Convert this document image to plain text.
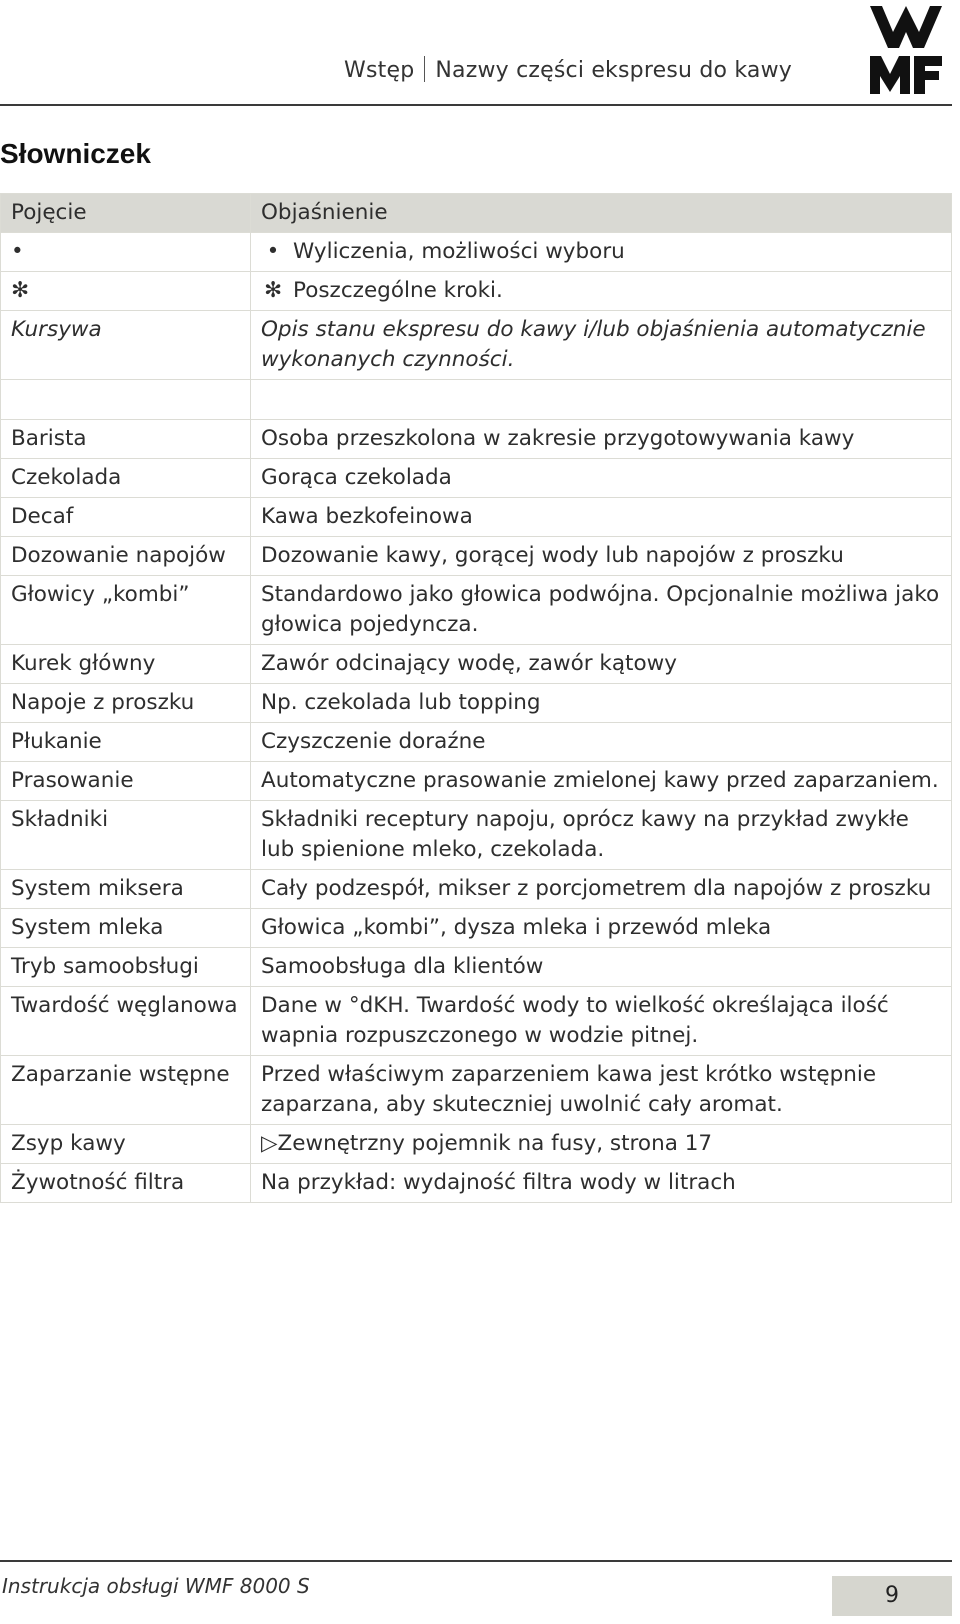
Wstęp Nazwy części ekspresu do kawy
Słowniczek
Pojęcie	Objaśnienie
•	• Wyliczenia, możliwości wyboru
✻	✻ Poszczególne kroki.
Kursywa	Opis stanu ekspresu do kawy i/lub objaśnienia automatycznie wykonanych czynności.

Barista	Osoba przeszkolona w zakresie przygotowywania kawy
Czekolada	Gorąca czekolada
Decaf	Kawa bezkofeinowa
Dozowanie napojów	Dozowanie kawy, gorącej wody lub napojów z proszku
Głowicy „kombi”	Standardowo jako głowica podwójna. Opcjonalnie możliwa jako głowica pojedyncza.
Kurek główny	Zawór odcinający wodę, zawór kątowy
Napoje z proszku	Np. czekolada lub topping
Płukanie	Czyszczenie doraźne
Prasowanie	Automatyczne prasowanie zmielonej kawy przed zaparzaniem.
Składniki	Składniki receptury napoju, oprócz kawy na przykład zwykłe lub spienione mleko, czekolada.
System miksera	Cały podzespół, mikser z porcjometrem dla napojów z proszku
System mleka	Głowica „kombi”, dysza mleka i przewód mleka
Tryb samoobsługi	Samoobsługa dla klientów
Twardość węglanowa	Dane w °dKH. Twardość wody to wielkość określająca ilość wapnia rozpuszczonego w wodzie pitnej.
Zaparzanie wstępne	Przed właściwym zaparzeniem kawa jest krótko wstępnie zaparzana, aby skuteczniej uwolnić cały aromat.
Zsyp kawy	▷Zewnętrzny pojemnik na fusy, strona 17
Żywotność filtra	Na przykład: wydajność filtra wody w litrach
Instrukcja obsługi WMF 8000 S	9
